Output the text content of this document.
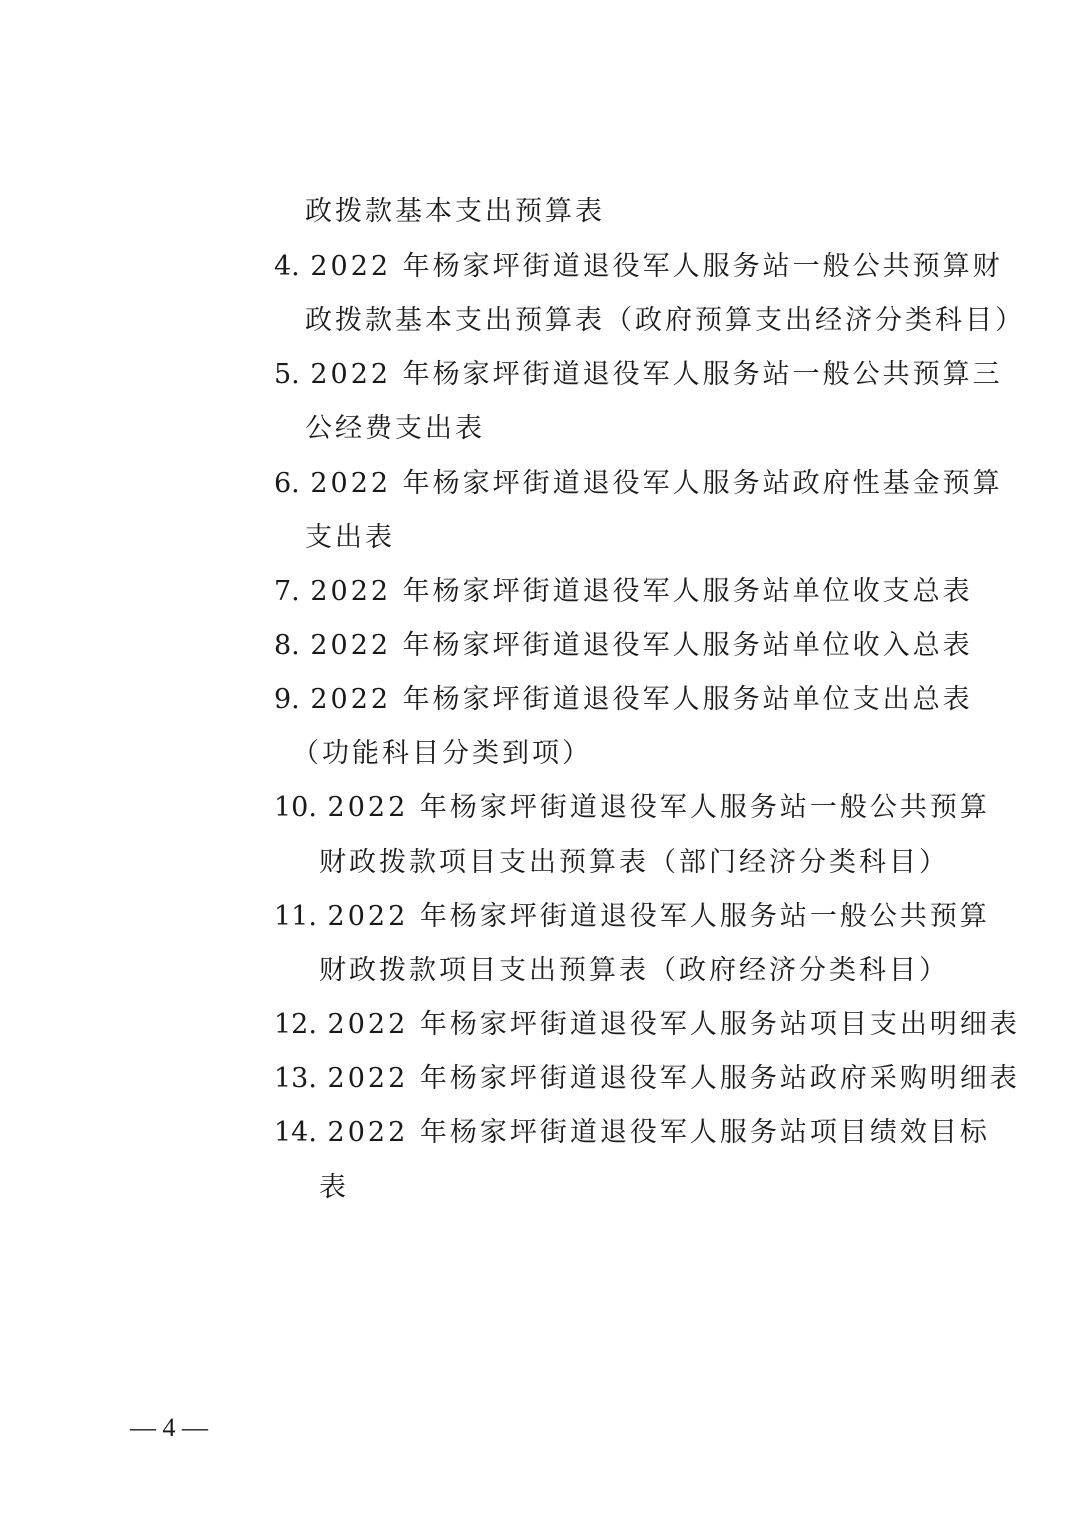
政拨款基本支出预算表
4. 2022 年杨家坪街道退役军人服务站一般公共预算财
政拨款基本支出预算表（政府预算支出经济分类科目）
5. 2022 年杨家坪街道退役军人服务站一般公共预算三
公经费支出表
6. 2022 年杨家坪街道退役军人服务站政府性基金预算
支出表
7. 2022 年杨家坪街道退役军人服务站单位收支总表
8. 2022 年杨家坪街道退役军人服务站单位收入总表
9. 2022 年杨家坪街道退役军人服务站单位支出总表
（功能科目分类到项）
10. 2022 年杨家坪街道退役军人服务站一般公共预算
财政拨款项目支出预算表（部门经济分类科目）
11. 2022 年杨家坪街道退役军人服务站一般公共预算
财政拨款项目支出预算表（政府经济分类科目）
12. 2022 年杨家坪街道退役军人服务站项目支出明细表
13. 2022 年杨家坪街道退役军人服务站政府采购明细表
14. 2022 年杨家坪街道退役军人服务站项目绩效目标
表
— 4 —
